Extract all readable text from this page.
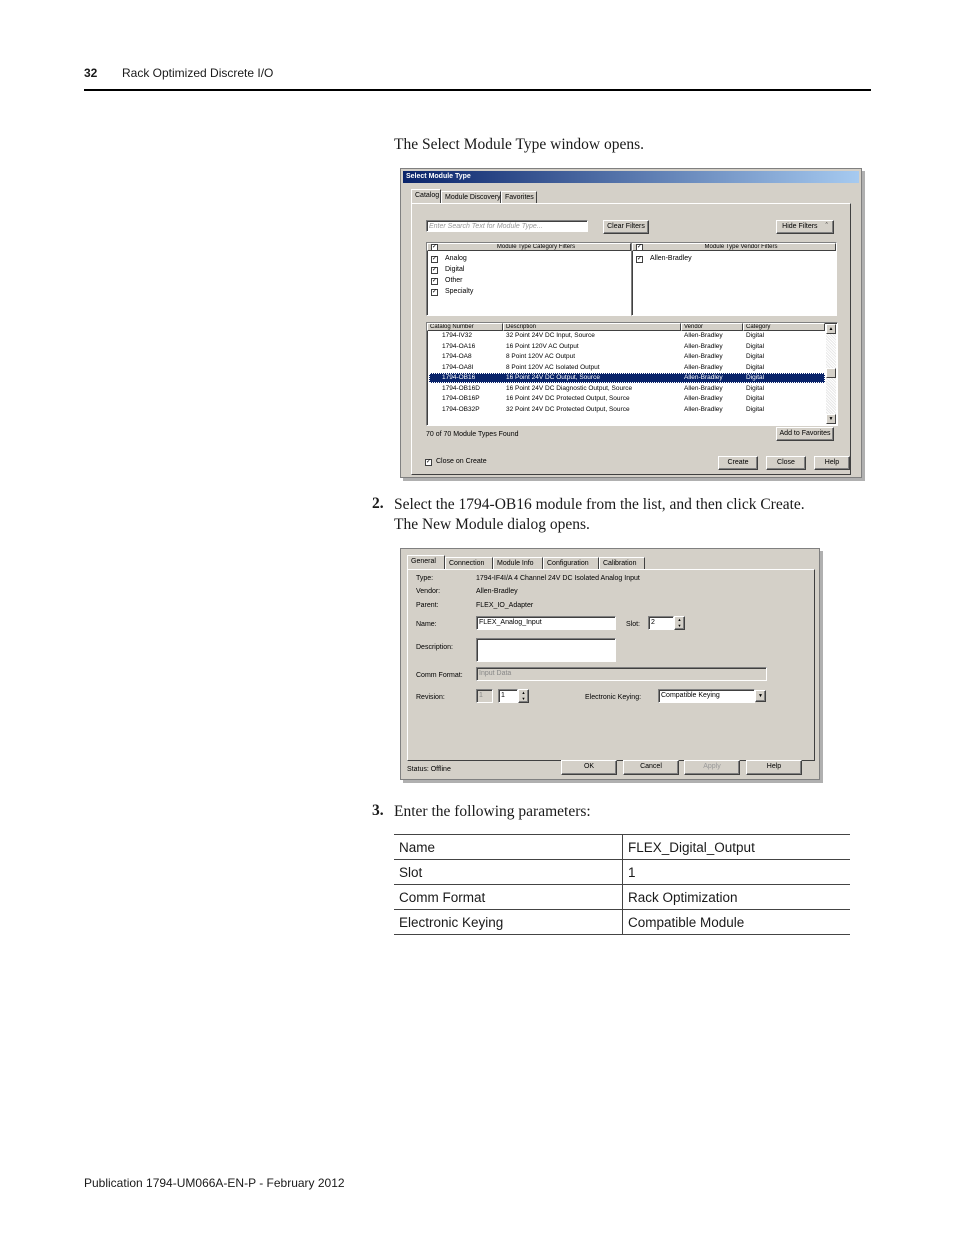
32 Rack Optimized Discrete I/O
The Select Module Type window opens.
Select Module Type
Catalog Module Discovery Favorites
Enter Search Text for Module Type...	Clear Filters	Hide Filters ˆ
Module Type Category Filters
✓
✓ Analog
✓ Digital
✓ Other
✓ Specialty
Module Type Vendor Filters
✓
✓ Allen-Bradley
Catalog Number	Description	Vendor	Category
1794-IV32	32 Point 24V DC Input, Source	Allen-Bradley	Digital
1794-OA16	16 Point 120V AC Output	Allen-Bradley	Digital
1794-OA8	8 Point 120V AC Output	Allen-Bradley	Digital
1794-OA8I	8 Point 120V AC Isolated Output	Allen-Bradley	Digital
1794-OB16	16 Point 24V DC Output, Source	Allen-Bradley	Digital
1794-OB16D	16 Point 24V DC Diagnostic Output, Source	Allen-Bradley	Digital
1794-OB16P	16 Point 24V DC Protected Output, Source	Allen-Bradley	Digital
1794-OB32P	32 Point 24V DC Protected Output, Source	Allen-Bradley	Digital
▲
▼
70 of 70 Module Types Found	Add to Favorites
✓ Close on Create	Create	Close	Help
2. Select the 1794-OB16 module from the list, and then click Create.
The New Module dialog opens.
General	Connection	Module Info	Configuration	Calibration
Type:	1794-IF4I/A 4 Channel 24V DC Isolated Analog Input
Vendor:	Allen-Bradley
Parent:	FLEX_IO_Adapter
Name:	FLEX_Analog_Input	Slot:	2	▲
▼
Description:
Comm Format:	Input Data
Revision:	1	1	▲
▼	Electronic Keying:	Compatible Keying	▼
Status: Offline	OK	Cancel	Apply	Help
3. Enter the following parameters:
Name	FLEX_Digital_Output
Slot	1
Comm Format	Rack Optimization
Electronic Keying	Compatible Module
Publication 1794-UM066A-EN-P - February 2012
